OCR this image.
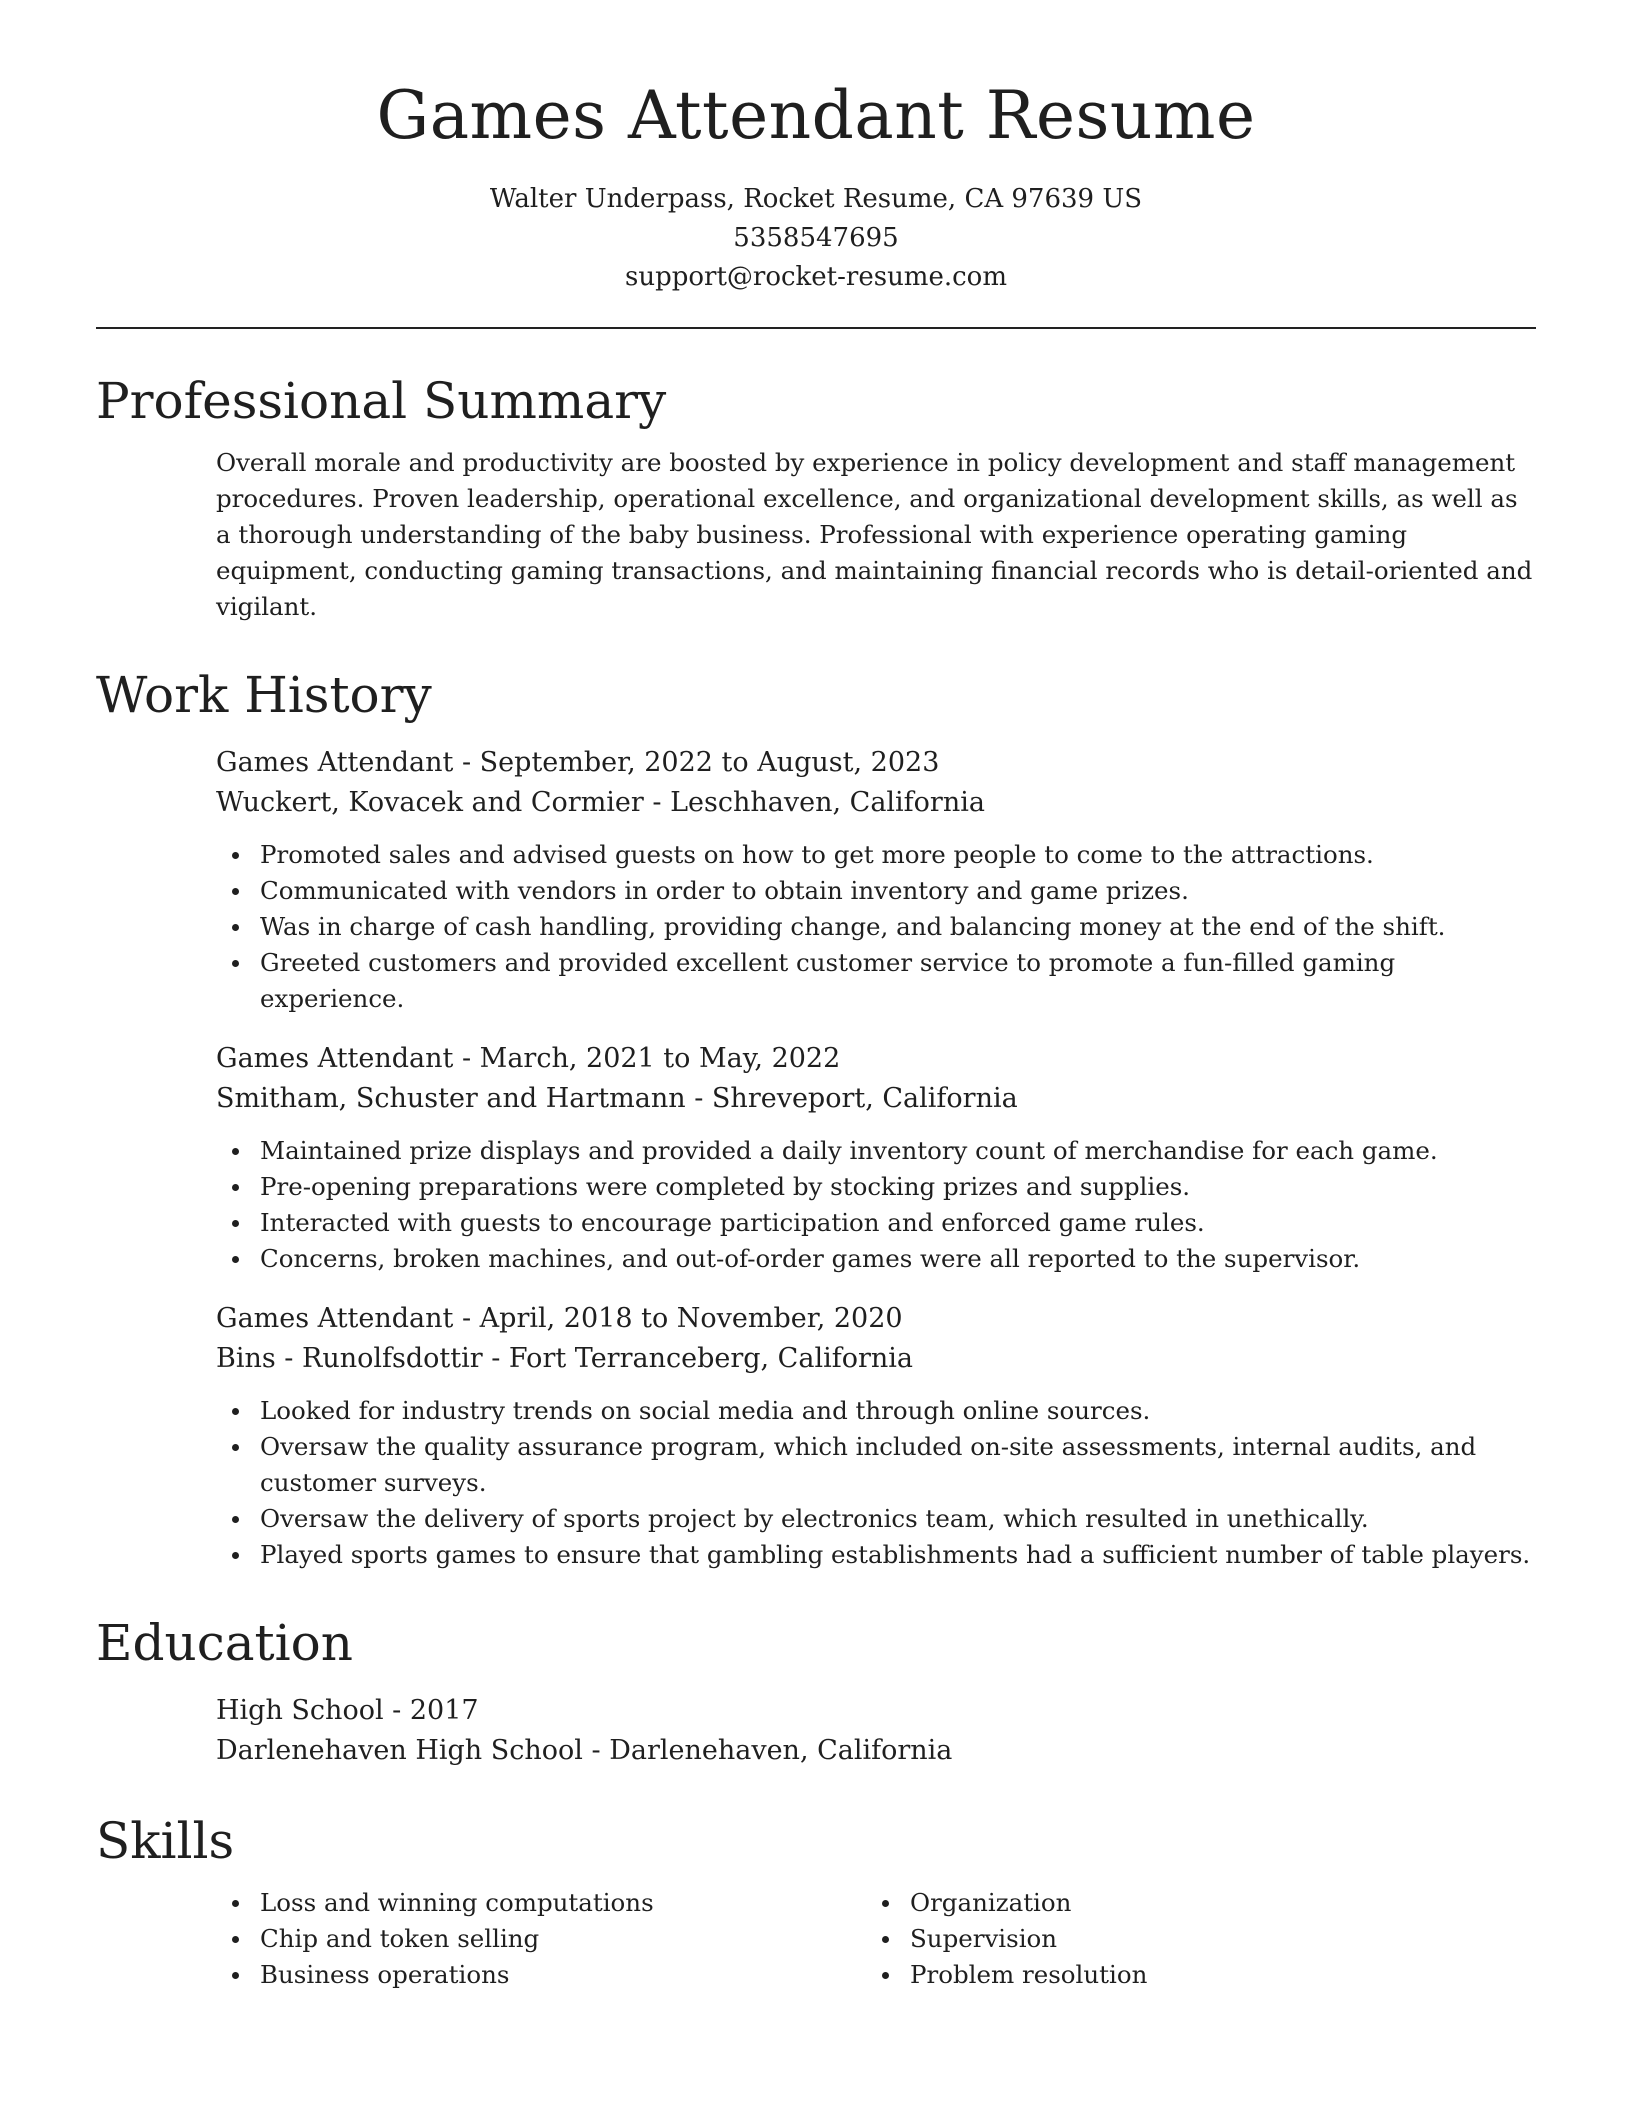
Games Attendant Resume
Walter Underpass, Rocket Resume, CA 97639 US
5358547695
support@rocket-resume.com
Professional Summary
Overall morale and productivity are boosted by experience in policy development and staff management procedures. Proven leadership, operational excellence, and organizational development skills, as well as a thorough understanding of the baby business. Professional with experience operating gaming equipment, conducting gaming transactions, and maintaining financial records who is detail-oriented and vigilant.
Work History
Games Attendant - September, 2022 to August, 2023
Wuckert, Kovacek and Cormier - Leschhaven, California
Promoted sales and advised guests on how to get more people to come to the attractions.
Communicated with vendors in order to obtain inventory and game prizes.
Was in charge of cash handling, providing change, and balancing money at the end of the shift.
Greeted customers and provided excellent customer service to promote a fun-filled gaming experience.
Games Attendant - March, 2021 to May, 2022
Smitham, Schuster and Hartmann - Shreveport, California
Maintained prize displays and provided a daily inventory count of merchandise for each game.
Pre-opening preparations were completed by stocking prizes and supplies.
Interacted with guests to encourage participation and enforced game rules.
Concerns, broken machines, and out-of-order games were all reported to the supervisor.
Games Attendant - April, 2018 to November, 2020
Bins - Runolfsdottir - Fort Terranceberg, California
Looked for industry trends on social media and through online sources.
Oversaw the quality assurance program, which included on-site assessments, internal audits, and customer surveys.
Oversaw the delivery of sports project by electronics team, which resulted in unethically.
Played sports games to ensure that gambling establishments had a sufficient number of table players.
Education
High School - 2017
Darlenehaven High School - Darlenehaven, California
Skills
Loss and winning computations
Chip and token selling
Business operations
Organization
Supervision
Problem resolution
